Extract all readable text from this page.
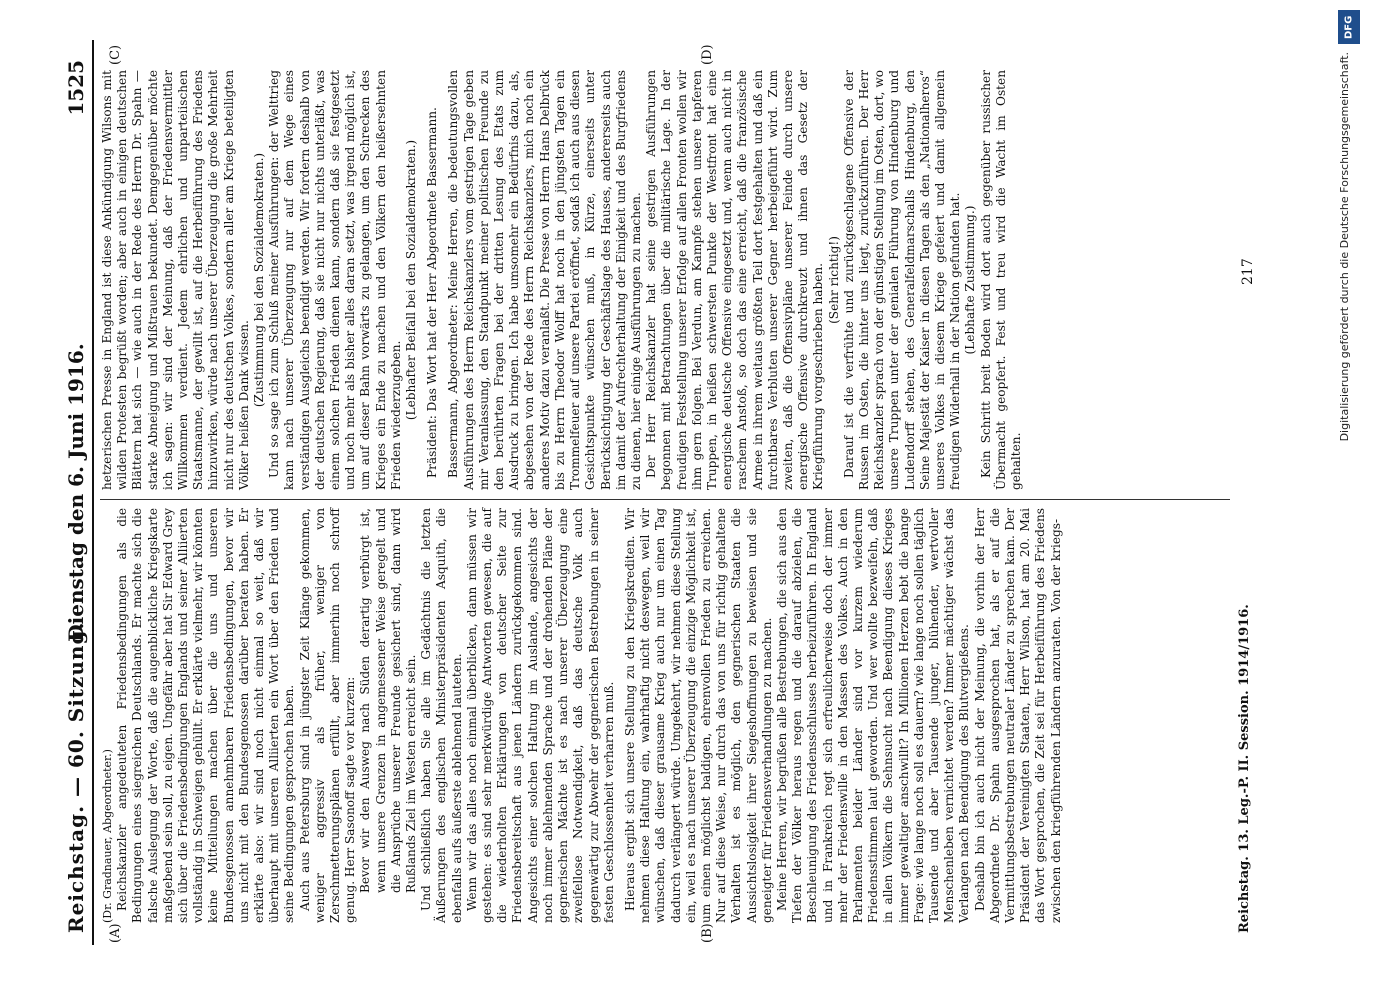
Reichstag. — 60. Sitzung.
Dienstag den 6. Juni 1916.
1525
(A)	(B)
(C)	(D)

(Dr. Gradnauer, Abgeordneter.) Reichskanzler angedeuteten Friedensbedingungen als die Bedingungen eines siegreichen Deutschlands. Er machte sich die falsche Auslegung der Worte, daß die augenblickliche Kriegskarte maßgebend sein soll, zu eigen. Ungefähr aber hat Sir Edward Grey sich über die Friedensbedingungen Englands und seiner Alliierten vollständig in Schweigen gehüllt. Er erklärte vielmehr, wir könnten keine Mitteilungen machen über die uns und unseren Bundesgenossen annehmbaren Friedensbedingungen, bevor wir uns nicht mit den Bundesgenossen darüber beraten haben. Er erklärte also: wir sind noch nicht einmal so weit, daß wir überhaupt mit unseren Alliierten ein Wort über den Frieden und seine Bedingungen gesprochen haben. Auch aus Petersburg sind in jüngster Zeit Klänge gekommen, weniger aggressiv als früher, weniger von Zerschmetterungsplänen erfüllt, aber immerhin noch schroff genug. Herr Sasonoff sagte vor kurzem: Bevor wir den Ausweg nach Süden derartig verbürgt ist, wenn unsere Grenzen in angemessener Weise geregelt und die Ansprüche unserer Freunde gesichert sind, dann wird Rußlands Ziel im Westen erreicht sein. Und schließlich haben Sie alle im Gedächtnis die letzten Äußerungen des englischen Ministerpräsidenten Asquith, die ebenfalls aufs äußerste ablehnend lauteten. Wenn wir das alles noch einmal überblicken, dann müssen wir gestehen: es sind sehr merkwürdige Antworten gewesen, die auf die wiederholten Erklärungen von deutscher Seite zur Friedensbereitschaft aus jenen Ländern zurückgekommen sind. Angesichts einer solchen Haltung im Auslande, angesichts der noch immer ablehnenden Sprache und der drohenden Pläne der gegnerischen Mächte ist es nach unserer Überzeugung eine zweifellose Notwendigkeit, daß das deutsche Volk auch gegenwärtig zur Abwehr der gegnerischen Bestrebungen in seiner festen Geschlossenheit verharren muß. Hieraus ergibt sich unsere Stellung zu den Kriegskrediten. Wir nehmen diese Haltung ein, wahrhaftig nicht deswegen, weil wir wünschen, daß dieser grausame Krieg auch nur um einen Tag dadurch verlängert würde. Umgekehrt, wir nehmen diese Stellung ein, weil es nach unserer Überzeugung die einzige Möglichkeit ist, um einen möglichst baldigen, ehrenvollen Frieden zu erreichen. Nur auf diese Weise, nur durch das von uns für richtig gehaltene Verhalten ist es möglich, den gegnerischen Staaten die Aussichtslosigkeit ihrer Siegeshoffnungen zu beweisen und sie geneigter für Friedensverhandlungen zu machen. Meine Herren, wir begrüßen alle Bestrebungen, die sich aus den Tiefen der Völker heraus regen und die darauf abzielen, die Beschleunigung des Friedensschlusses herbeizuführen. In England und in Frankreich regt sich erfreulicherweise doch der immer mehr der Friedenswille in den Massen des Volkes. Auch in den Parlamenten beider Länder sind vor kurzem wiederum Friedensstimmen laut geworden. Und wer wollte bezweifeln, daß in allen Völkern die Sehnsucht nach Beendigung dieses Krieges immer gewaltiger anschwillt? In Millionen Herzen bebt die bange Frage: wie lange noch soll es dauern? wie lange noch sollen täglich Tausende und aber Tausende junger, blühender, wertvoller Menschenleben vernichtet werden? Immer mächtiger wächst das Verlangen nach Beendigung des Blutvergießens. Deshalb bin ich auch nicht der Meinung, die vorhin der Herr Abgeordnete Dr. Spahn ausgesprochen hat, als er auf die Vermittlungsbestrebungen neutraler Länder zu sprechen kam. Der Präsident der Vereinigten Staaten, Herr Wilson, hat am 20. Mai das Wort gesprochen, die Zeit sei für Herbeiführung des Friedens zwischen den kriegführenden Ländern anzuraten. Von der kriegs-

hetzerischen Presse in England ist diese Ankündigung Wilsons mit wilden Protesten begrüßt worden; aber auch in einigen deutschen Blättern hat sich — wie auch in der Rede des Herrn Dr. Spahn — starke Abneigung und Mißtrauen bekundet. Demgegenüber möchte ich sagen: wir sind der Meinung, daß der Friedensvermittler Willkommen verdient. Jedem ehrlichen und unparteiischen Staatsmanne, der gewillt ist, auf die Herbeiführung des Friedens hinzuwirken, würde nach unserer Überzeugung die große Mehrheit nicht nur des deutschen Volkes, sondern aller am Kriege beteiligten Völker heißen Dank wissen. (Zustimmung bei den Sozialdemokraten.) Und so sage ich zum Schluß meiner Ausführungen: der Welttrieg kann nach unserer Überzeugung nur auf dem Wege eines verständigen Ausgleichs beendigt werden. Wir fordern deshalb von der deutschen Regierung, daß sie nicht nur nichts unterläßt, was einem solchen Frieden dienen kann, sondern daß sie festgesetzt und noch mehr als bisher alles daran setzt, was irgend möglich ist, um auf dieser Bahn vorwärts zu gelangen, um den Schrecken des Krieges ein Ende zu machen und den Völkern den heißersehnten Frieden wiederzugeben. (Lebhafter Beifall bei den Sozialdemokraten.) Präsident: Das Wort hat der Herr Abgeordnete Bassermann. Bassermann, Abgeordneter: Meine Herren, die bedeutungsvollen Ausführungen des Herrn Reichskanzlers vom gestrigen Tage geben mir Veranlassung, den Standpunkt meiner politischen Freunde zu den berührten Fragen bei der dritten Lesung des Etats zum Ausdruck zu bringen. Ich habe umsomehr ein Bedürfnis dazu, als, abgesehen von der Rede des Herrn Reichskanzlers, mich noch ein anderes Motiv dazu veranlaßt. Die Presse von Herrn Hans Delbrück bis zu Herrn Theodor Wolff hat noch in den jüngsten Tagen ein Trommelfeuer auf unsere Partei eröffnet, sodaß ich auch aus diesen Gesichtspunkte wünschen muß, in Kürze, einerseits unter Berücksichtigung der Geschäftslage des Hauses, andererseits auch im damit der Aufrechterhaltung der Einigkeit und des Burgfriedens zu dienen, hier einige Ausführungen zu machen. Der Herr Reichskanzler hat seine gestrigen Ausführungen begonnen mit Betrachtungen über die militärische Lage. In der freudigen Feststellung unserer Erfolge auf allen Fronten wollen wir ihm gern folgen. Bei Verdun, am Kampfe stehen unsere tapferen Truppen, in heißen schwersten Punkte der Westfront hat eine energische deutsche Offensive eingesetzt und, wenn auch nicht in raschem Anstoß, so doch das eine erreicht, daß die französische Armee in ihrem weitaus größten Teil dort festgehalten und daß ein furchtbares Verbluten unserer Gegner herbeigeführt wird. Zum zweiten, daß die Offensivpläne unserer Feinde durch unsere energische Offensive durchkreuzt und ihnen das Gesetz der Kriegführung vorgeschrieben haben. (Sehr richtig!) Darauf ist die verfrühte und zurückgeschlagene Offensive der Russen im Osten, die hinter uns liegt, zurückzuführen. Der Herr Reichskanzler sprach von der günstigen Stellung im Osten, dort, wo unsere Truppen unter der genialen Führung von Hindenburg und Ludendorff stehen, des Generalfeldmarschalls Hindenburg, den Seine Majestät der Kaiser in diesen Tagen als den „Nationalheros“ unseres Volkes in diesem Kriege gefeiert und damit allgemein freudigen Widerhall in der Nation gefunden hat. (Lebhafte Zustimmung.) Kein Schritt breit Boden wird dort auch gegenüber russischer Übermacht geopfert. Fest und treu wird die Wacht im Osten gehalten.

Reichstag. 13. Leg.-P. II. Session. 1914/1916.
217
DFG
Digitalisierung gefördert durch die Deutsche Forschungsgemeinschaft.
